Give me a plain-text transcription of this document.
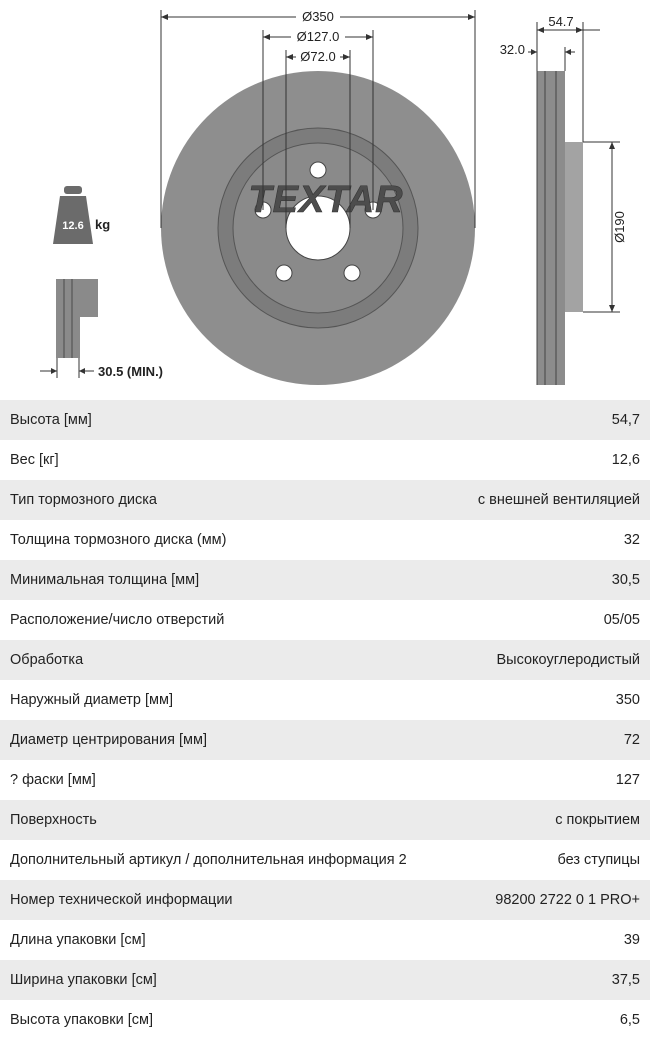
12.6 kg
30.5 (MIN.)
TEXTAR
Ø350
Ø127.0
Ø72.0
54.7
32.0
Ø190
Высота [мм]	54,7
Вес [кг]	12,6
Тип тормозного диска	с внешней вентиляцией
Толщина тормозного диска (мм)	32
Минимальная толщина [мм]	30,5
Расположение/число отверстий	05/05
Обработка	Высокоуглеродистый
Наружный диаметр [мм]	350
Диаметр центрирования [мм]	72
? фаски [мм]	127
Поверхность	с покрытием
Дополнительный артикул / дополнительная информация 2	без ступицы
Номер технической информации	98200 2722 0 1 PRO+
Длина упаковки [см]	39
Ширина упаковки [см]	37,5
Высота упаковки [см]	6,5
